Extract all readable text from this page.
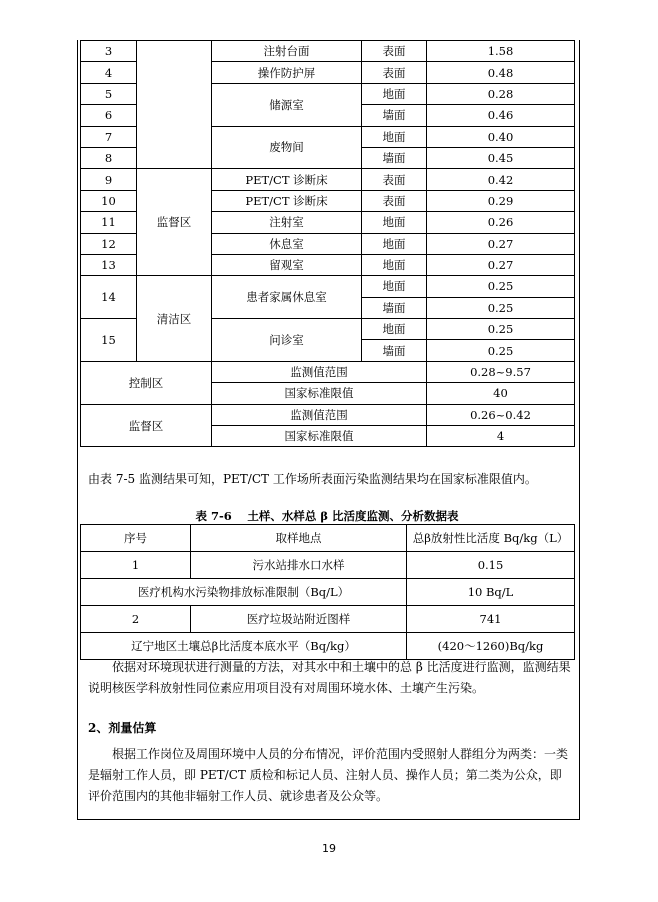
3		注射台面	表面	1.58
4		操作防护屏	表面	0.48
5		储源室	地面	0.28
6			墙面	0.46
7		废物间	地面	0.40
8			墙面	0.45
9	监督区	PET/CT 诊断床	表面	0.42
10		PET/CT 诊断床	表面	0.29
11		注射室	地面	0.26
12		休息室	地面	0.27
13		留观室	地面	0.27
14	清洁区	患者家属休息室	地面	0.25
			墙面	0.25
15		问诊室	地面	0.25
			墙面	0.25
控制区		监测值范围		0.28~9.57
		国家标准限值		40
监督区		监测值范围		0.26~0.42
		国家标准限值		4
由表 7-5 监测结果可知，PET/CT 工作场所表面污染监测结果均在国家标准限值内。
表 7-6　 土样、水样总 β 比活度监测、分析数据表
序号	取样地点	总β放射性比活度 Bq/kg（L）
1	污水站排水口水样	0.15
医疗机构水污染物排放标准限制（Bq/L）		10 Bq/L
2	医疗垃圾站附近图样	741
辽宁地区土壤总β比活度本底水平（Bq/kg）		(420～1260)Bq/kg
依据对环境现状进行测量的方法，对其水中和土壤中的总 β 比活度进行监测，监测结果说明核医学科放射性同位素应用项目没有对周围环境水体、土壤产生污染。
2、剂量估算
根据工作岗位及周围环境中人员的分布情况，评价范围内受照射人群组分为两类：一类是辐射工作人员，即 PET/CT 质检和标记人员、注射人员、操作人员；第二类为公众，即评价范围内的其他非辐射工作人员、就诊患者及公众等。
19
